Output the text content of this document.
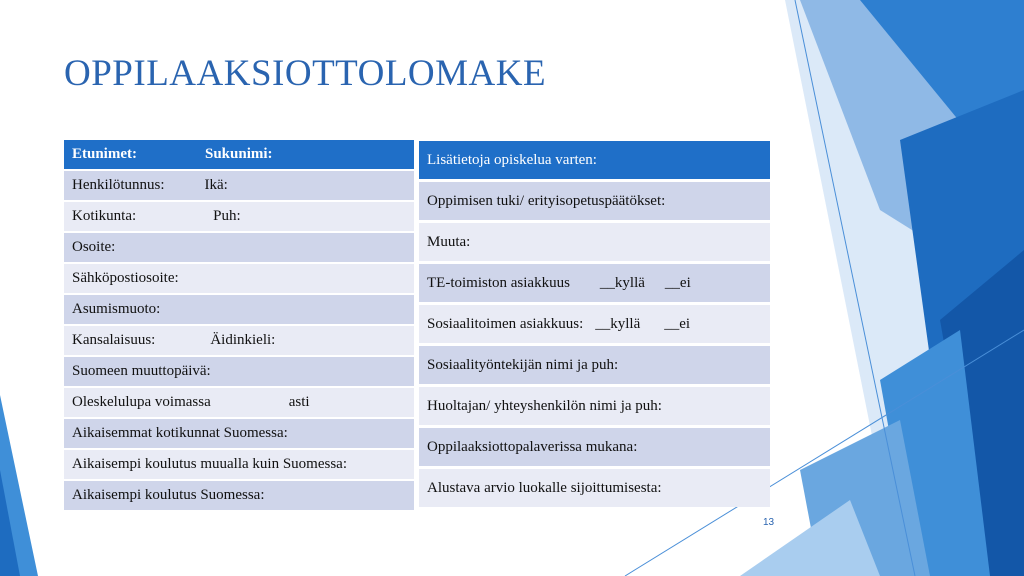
OPPILAAKSIOTTOLOMAKE
Etunimet:	Sukunimi:
Henkilötunnus:	Ikä:
Kotikunta:	Puh:
Osoite:
Sähköpostiosoite:
Asumismuoto:
Kansalaisuus:	Äidinkieli:
Suomeen muuttopäivä:
Oleskelulupa voimassa	asti
Aikaisemmat kotikunnat Suomessa:
Aikaisempi koulutus muualla kuin Suomessa:
Aikaisempi koulutus Suomessa:
Lisätietoja opiskelua varten:
Oppimisen tuki/ erityisopetuspäätökset:
Muuta:
TE-toimiston asiakkuus __kyllä __ei
Sosiaalitoimen asiakkuus: __kyllä __ei
Sosiaalityöntekijän nimi ja puh:
Huoltajan/ yhteyshenkilön nimi ja puh:
Oppilaaksiottopalaverissa mukana:
Alustava arvio luokalle sijoittumisesta:
13
